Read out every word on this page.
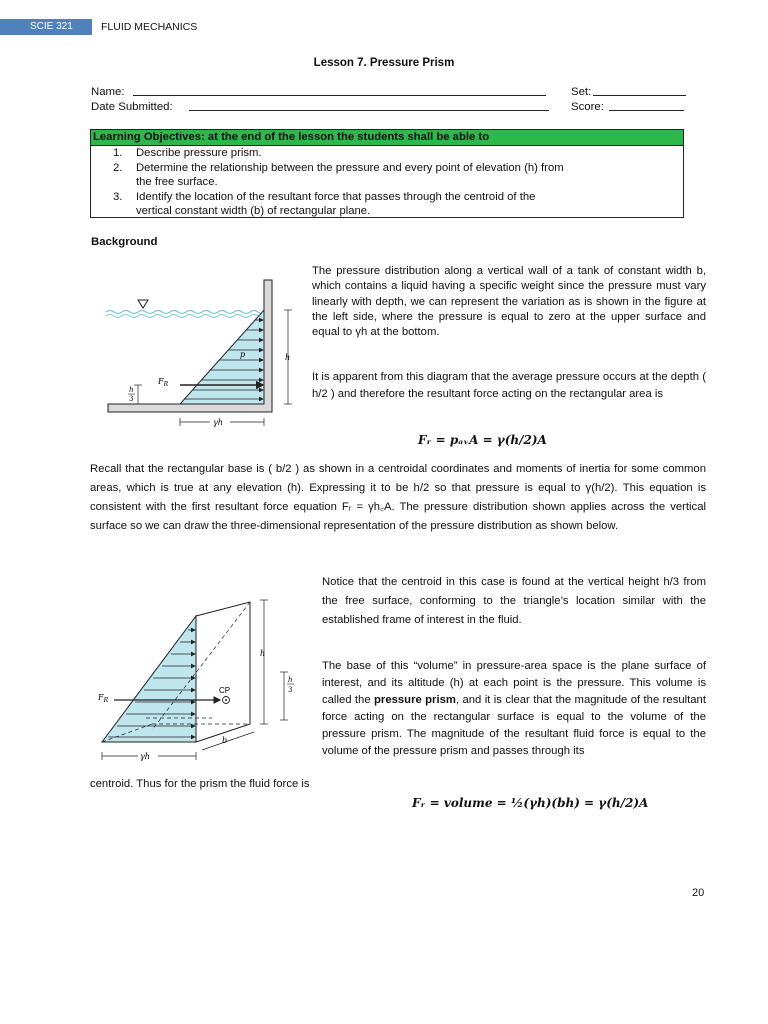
SCIE 321	FLUID MECHANICS
Lesson 7. Pressure Prism
Name:	Set:
Date Submitted:	Score:
Learning Objectives: at the end of the lesson the students shall be able to
1. Describe pressure prism.
2. Determine the relationship between the pressure and every point of elevation (h) from
the free surface.
3. Identify the location of the resultant force that passes through the centroid of the
vertical constant width (b) of rectangular plane.
Background
h
p
$F_R$
h
3
γh
The pressure distribution along a vertical wall of a tank of constant width b, which contains a liquid having a specific weight since the pressure must vary linearly with depth, we can represent the variation as is shown in the figure at the left side, where the pressure is equal to zero at the upper surface and equal to γh at the bottom.
It is apparent from this diagram that the average pressure occurs at the depth ( h/2 ) and therefore the resultant force acting on the rectangular area is
Fᵣ = pₐᵥA = γ(h/2)A
Recall that the rectangular base is ( b/2 ) as shown in a centroidal coordinates and moments of inertia for some common areas, which is true at any elevation (h). Expressing it to be h/2 so that pressure is equal to γ(h/2). This equation is consistent with the first resultant force equation Fᵣ = γh꜀A. The pressure distribution shown applies across the vertical surface so we can draw the three-dimensional representation of the pressure distribution as shown below.
CP
$F_R$
h
h
3
b
γh
Notice that the centroid in this case is found at the vertical height h/3 from the free surface, conforming to the triangle’s location similar with the established frame of interest in the fluid.
The base of this “volume” in pressure-area space is the plane surface of interest, and its altitude (h) at each point is the pressure. This volume is called the pressure prism, and it is clear that the magnitude of the resultant force acting on the rectangular surface is equal to the volume of the pressure prism. The magnitude of the resultant fluid force is equal to the volume of the pressure prism and passes through its
centroid. Thus for the prism the fluid force is
Fᵣ = volume = ½(γh)(bh) = γ(h/2)A
20
